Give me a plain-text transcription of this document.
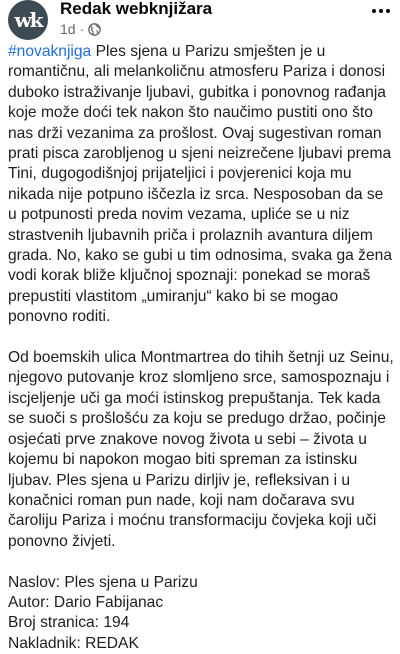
wk Redak webknjižara
1d ·

#novaknjiga Ples sjena u Parizu smješten je u romantičnu, ali melankoličnu atmosferu Pariza i donosi duboko istraživanje ljubavi, gubitka i ponovnog rađanja koje može doći tek nakon što naučimo pustiti ono što nas drži vezanima za prošlost. Ovaj sugestivan roman prati pisca zarobljenog u sjeni neizrečene ljubavi prema Tini, dugogodišnjoj prijateljici i povjerenici koja mu nikada nije potpuno iščezla iz srca. Nesposoban da se u potpunosti preda novim vezama, upliće se u niz strastvenih ljubavnih priča i prolaznih avantura diljem grada. No, kako se gubi u tim odnosima, svaka ga žena vodi korak bliže ključnoj spoznaji: ponekad se moraš prepustiti vlastitom „umiranju“ kako bi se mogao ponovno roditi.

Od boemskih ulica Montmartrea do tihih šetnji uz Seinu, njegovo putovanje kroz slomljeno srce, samospoznaju i iscjeljenje uči ga moći istinskog prepuštanja. Tek kada se suoči s prošlošću za koju se predugo držao, počinje osjećati prve znakove novog života u sebi – života u kojemu bi napokon mogao biti spreman za istinsku ljubav. Ples sjena u Parizu dirljiv je, refleksivan i u konačnici roman pun nade, koji nam dočarava svu čaroliju Pariza i moćnu transformaciju čovjeka koji uči ponovno živjeti.

Naslov: Ples sjena u Parizu

Autor: Dario Fabijanac

Broj stranica: 194

Nakladnik: REDAK
